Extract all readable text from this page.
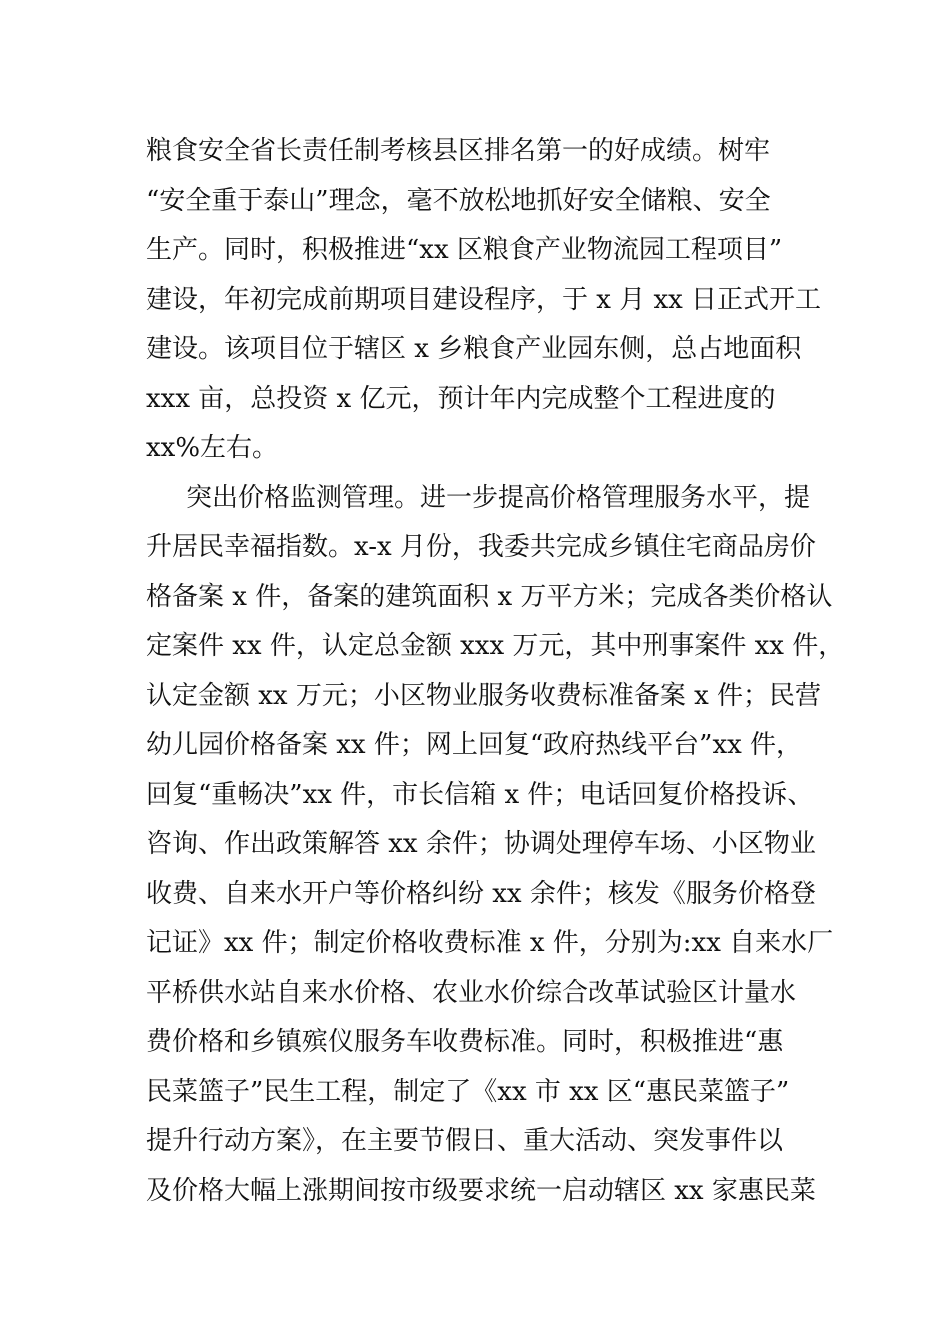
粮食安全省长责任制考核县区排名第一的好成绩。树牢
“安全重于泰山”理念，毫不放松地抓好安全储粮、安全
生产。同时，积极推进“xx 区粮食产业物流园工程项目”
建设，年初完成前期项目建设程序，于 x 月 xx 日正式开工
建设。该项目位于辖区 x 乡粮食产业园东侧，总占地面积
xxx 亩，总投资 x 亿元，预计年内完成整个工程进度的
xx%左右。
突出价格监测管理。进一步提高价格管理服务水平，提
升居民幸福指数。x-x 月份，我委共完成乡镇住宅商品房价
格备案 x 件，备案的建筑面积 x 万平方米；完成各类价格认
定案件 xx 件，认定总金额 xxx 万元，其中刑事案件 xx 件，
认定金额 xx 万元；小区物业服务收费标准备案 x 件；民营
幼儿园价格备案 xx 件；网上回复“政府热线平台”xx 件，
回复“重畅决”xx 件，市长信箱 x 件；电话回复价格投诉、
咨询、作出政策解答 xx 余件；协调处理停车场、小区物业
收费、自来水开户等价格纠纷 xx 余件；核发《服务价格登
记证》xx 件；制定价格收费标准 x 件，分别为:xx 自来水厂
平桥供水站自来水价格、农业水价综合改革试验区计量水
费价格和乡镇殡仪服务车收费标准。同时，积极推进“惠
民菜篮子”民生工程，制定了《xx 市 xx 区“惠民菜篮子”
提升行动方案》，在主要节假日、重大活动、突发事件以
及价格大幅上涨期间按市级要求统一启动辖区 xx 家惠民菜
